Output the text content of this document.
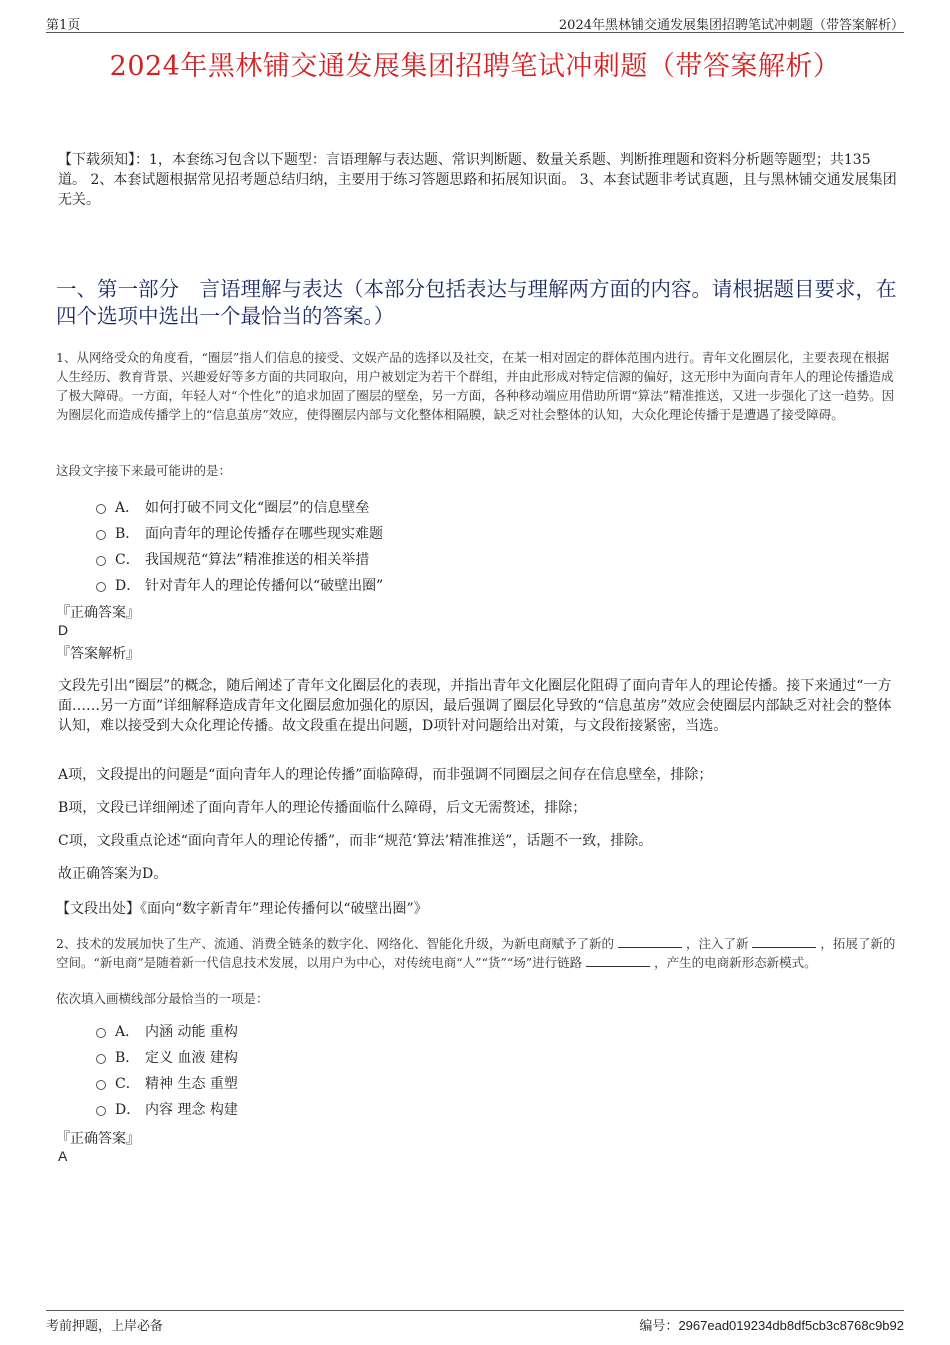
第1页	2024年黑林铺交通发展集团招聘笔试冲刺题（带答案解析）
2024年黑林铺交通发展集团招聘笔试冲刺题（带答案解析）
【下载须知】：1，本套练习包含以下题型：言语理解与表达题、常识判断题、数量关系题、判断推理题和资料分析题等题型；共135道。 2、本套试题根据常见招考题总结归纳，主要用于练习答题思路和拓展知识面。 3、本套试题非考试真题，且与黑林铺交通发展集团无关。
一、第一部分　言语理解与表达（本部分包括表达与理解两方面的内容。请根据题目要求，在四个选项中选出一个最恰当的答案。）
1、从网络受众的角度看，“圈层”指人们信息的接受、文娱产品的选择以及社交，在某一相对固定的群体范围内进行。青年文化圈层化，主要表现在根据人生经历、教育背景、兴趣爱好等多方面的共同取向，用户被划定为若干个群组，并由此形成对特定信源的偏好，这无形中为面向青年人的理论传播造成了极大障碍。一方面，年轻人对“个性化”的追求加固了圈层的壁垒，另一方面，各种移动端应用借助所谓“算法”精准推送，又进一步强化了这一趋势。因为圈层化而造成传播学上的“信息茧房”效应，使得圈层内部与文化整体相隔膜，缺乏对社会整体的认知，大众化理论传播于是遭遇了接受障碍。
这段文字接下来最可能讲的是：
A． 如何打破不同文化“圈层”的信息壁垒
B． 面向青年的理论传播存在哪些现实难题
C． 我国规范“算法”精准推送的相关举措
D． 针对青年人的理论传播何以“破壁出圈”
『正确答案』
D
『答案解析』
文段先引出“圈层”的概念，随后阐述了青年文化圈层化的表现，并指出青年文化圈层化阻碍了面向青年人的理论传播。接下来通过“一方面……另一方面”详细解释造成青年文化圈层愈加强化的原因，最后强调了圈层化导致的“信息茧房”效应会使圈层内部缺乏对社会的整体认知，难以接受到大众化理论传播。故文段重在提出问题，D项针对问题给出对策，与文段衔接紧密，当选。
A项，文段提出的问题是“面向青年人的理论传播”面临障碍，而非强调不同圈层之间存在信息壁垒，排除；
B项，文段已详细阐述了面向青年人的理论传播面临什么障碍，后文无需赘述，排除；
C项，文段重点论述“面向青年人的理论传播”，而非“规范‘算法’精准推送”，话题不一致，排除。
故正确答案为D。
【文段出处】《面向“数字新青年”理论传播何以“破壁出圈”》
2、技术的发展加快了生产、流通、消费全链条的数字化、网络化、智能化升级，为新电商赋予了新的	，注入了新	，拓展了新的空间。“新电商”是随着新一代信息技术发展，以用户为中心，对传统电商“人”“货”“场”进行链路	，产生的电商新形态新模式。
依次填入画横线部分最恰当的一项是：
A． 内涵 动能 重构
B． 定义 血液 建构
C． 精神 生态 重塑
D． 内容 理念 构建
『正确答案』
A
考前押题，上岸必备	编号：2967ead019234db8df5cb3c8768c9b92
